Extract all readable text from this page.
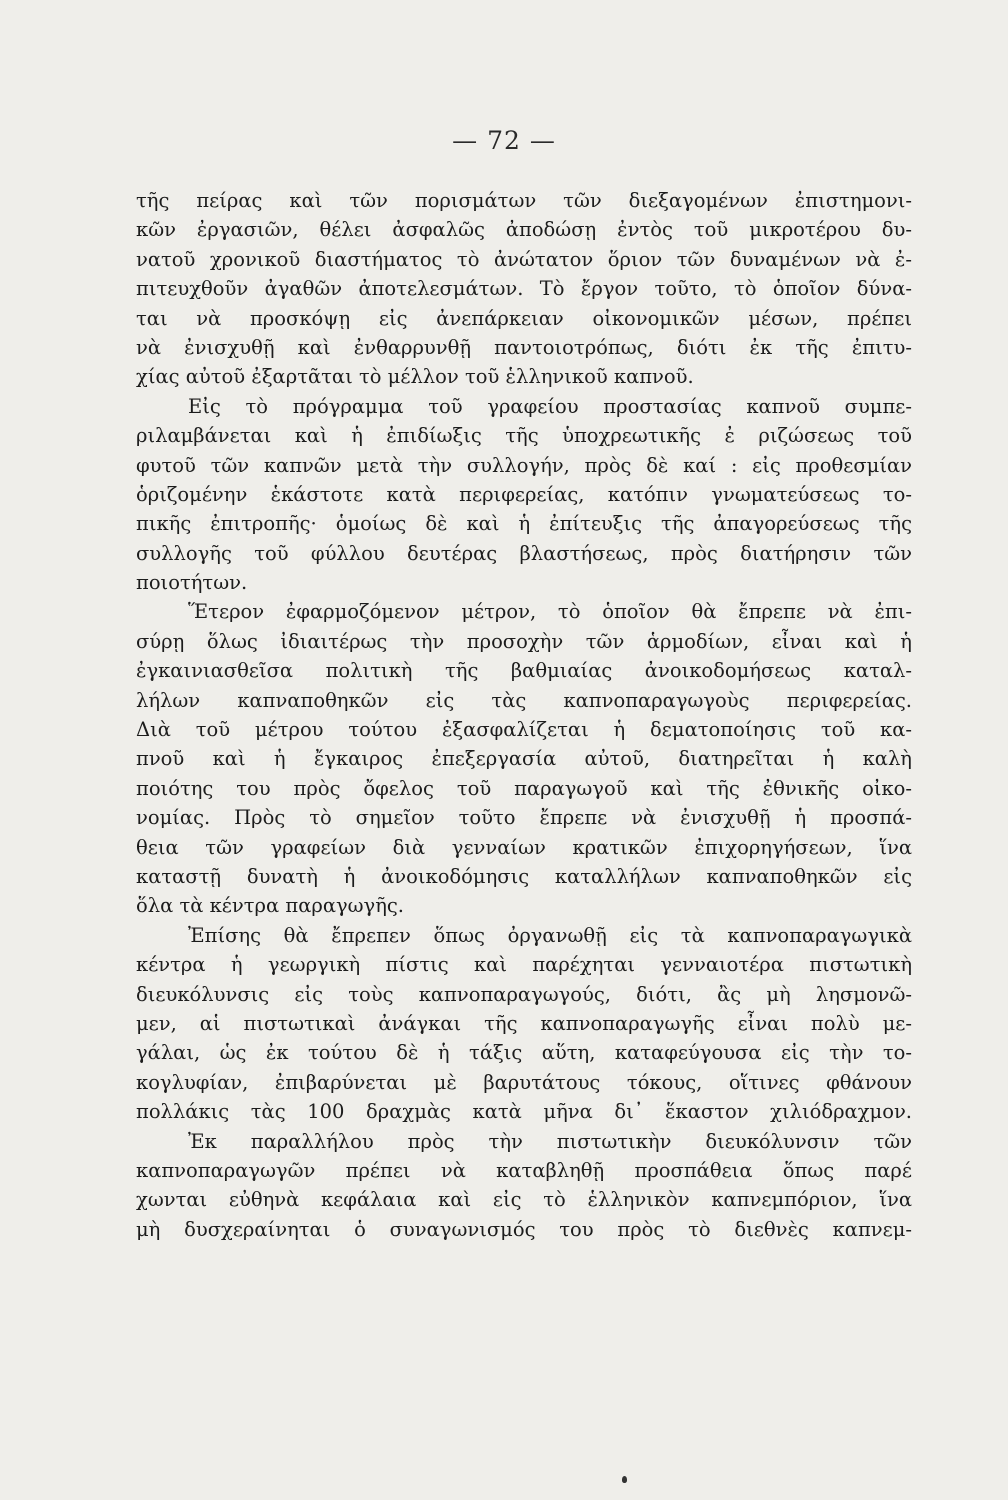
— 72 —
τῆς πείρας καὶ τῶν πορισμάτων τῶν διεξαγομένων ἐπιστημονι-
κῶν ἐργασιῶν, θέλει ἀσφαλῶς ἀποδώσῃ ἐντὸς τοῦ μικροτέρου δυ-
νατοῦ χρονικοῦ διαστήματος τὸ ἀνώτατον ὅριον τῶν δυναμένων νὰ ἐ-
πιτευχθοῦν ἀγαθῶν ἀποτελεσμάτων. Τὸ ἔργον τοῦτο, τὸ ὁποῖον δύνα-
ται νὰ προσκόψῃ εἰς ἀνεπάρκειαν οἰκονομικῶν μέσων, πρέπει
νὰ ἐνισχυθῇ καὶ ἐνθαρρυνθῇ παντοιοτρόπως, διότι ἐκ τῆς ἐπιτυ-
χίας αὐτοῦ ἐξαρτᾶται τὸ μέλλον τοῦ ἑλληνικοῦ καπνοῦ.
Εἰς τὸ πρόγραμμα τοῦ γραφείου προστασίας καπνοῦ συμπε-
ριλαμβάνεται καὶ ἡ ἐπιδίωξις τῆς ὑποχρεωτικῆς ἐ ριζώσεως τοῦ
φυτοῦ τῶν καπνῶν μετὰ τὴν συλλογήν, πρὸς δὲ καί : εἰς προθεσμίαν
ὁριζομένην ἑκάστοτε κατὰ περιφερείας, κατόπιν γνωματεύσεως το-
πικῆς ἐπιτροπῆς· ὁμοίως δὲ καὶ ἡ ἐπίτευξις τῆς ἀπαγορεύσεως τῆς
συλλογῆς τοῦ φύλλου δευτέρας βλαστήσεως, πρὸς διατήρησιν τῶν
ποιοτήτων.
Ἕτερον ἐφαρμοζόμενον μέτρον, τὸ ὁποῖον θὰ ἔπρεπε νὰ ἐπι-
σύρῃ ὅλως ἰδιαιτέρως τὴν προσοχὴν τῶν ἁρμοδίων, εἶναι καὶ ἡ
ἐγκαινιασθεῖσα πολιτικὴ τῆς βαθμιαίας ἀνοικοδομήσεως καταλ-
λήλων καπναποθηκῶν εἰς τὰς καπνοπαραγωγοὺς περιφερείας.
Διὰ τοῦ μέτρου τούτου ἐξασφαλίζεται ἡ δεματοποίησις τοῦ κα-
πνοῦ καὶ ἡ ἔγκαιρος ἐπεξεργασία αὐτοῦ, διατηρεῖται ἡ καλὴ
ποιότης του πρὸς ὄφελος τοῦ παραγωγοῦ καὶ τῆς ἐθνικῆς οἰκο-
νομίας. Πρὸς τὸ σημεῖον τοῦτο ἔπρεπε νὰ ἐνισχυθῇ ἡ προσπά-
θεια τῶν γραφείων διὰ γενναίων κρατικῶν ἐπιχορηγήσεων, ἵνα
καταστῇ δυνατὴ ἡ ἀνοικοδόμησις καταλλήλων καπναποθηκῶν εἰς
ὅλα τὰ κέντρα παραγωγῆς.
Ἐπίσης θὰ ἔπρεπεν ὅπως ὀργανωθῇ εἰς τὰ καπνοπαραγωγικὰ
κέντρα ἡ γεωργικὴ πίστις καὶ παρέχηται γενναιοτέρα πιστωτικὴ
διευκόλυνσις εἰς τοὺς καπνοπαραγωγούς, διότι, ἂς μὴ λησμονῶ-
μεν, αἱ πιστωτικαὶ ἀνάγκαι τῆς καπνοπαραγωγῆς εἶναι πολὺ με-
γάλαι, ὡς ἐκ τούτου δὲ ἡ τάξις αὕτη, καταφεύγουσα εἰς τὴν το-
κογλυφίαν, ἐπιβαρύνεται μὲ βαρυτάτους τόκους, οἵτινες φθάνουν
πολλάκις τὰς 100 δραχμὰς κατὰ μῆνα δι᾽ ἕκαστον χιλιόδραχμον.
Ἐκ παραλλήλου πρὸς τὴν πιστωτικὴν διευκόλυνσιν τῶν
καπνοπαραγωγῶν πρέπει νὰ καταβληθῇ προσπάθεια ὅπως παρέ
χωνται εὐθηνὰ κεφάλαια καὶ εἰς τὸ ἑλληνικὸν καπνεμπόριον, ἵνα
μὴ δυσχεραίνηται ὁ συναγωνισμός του πρὸς τὸ διεθνὲς καπνεμ-
